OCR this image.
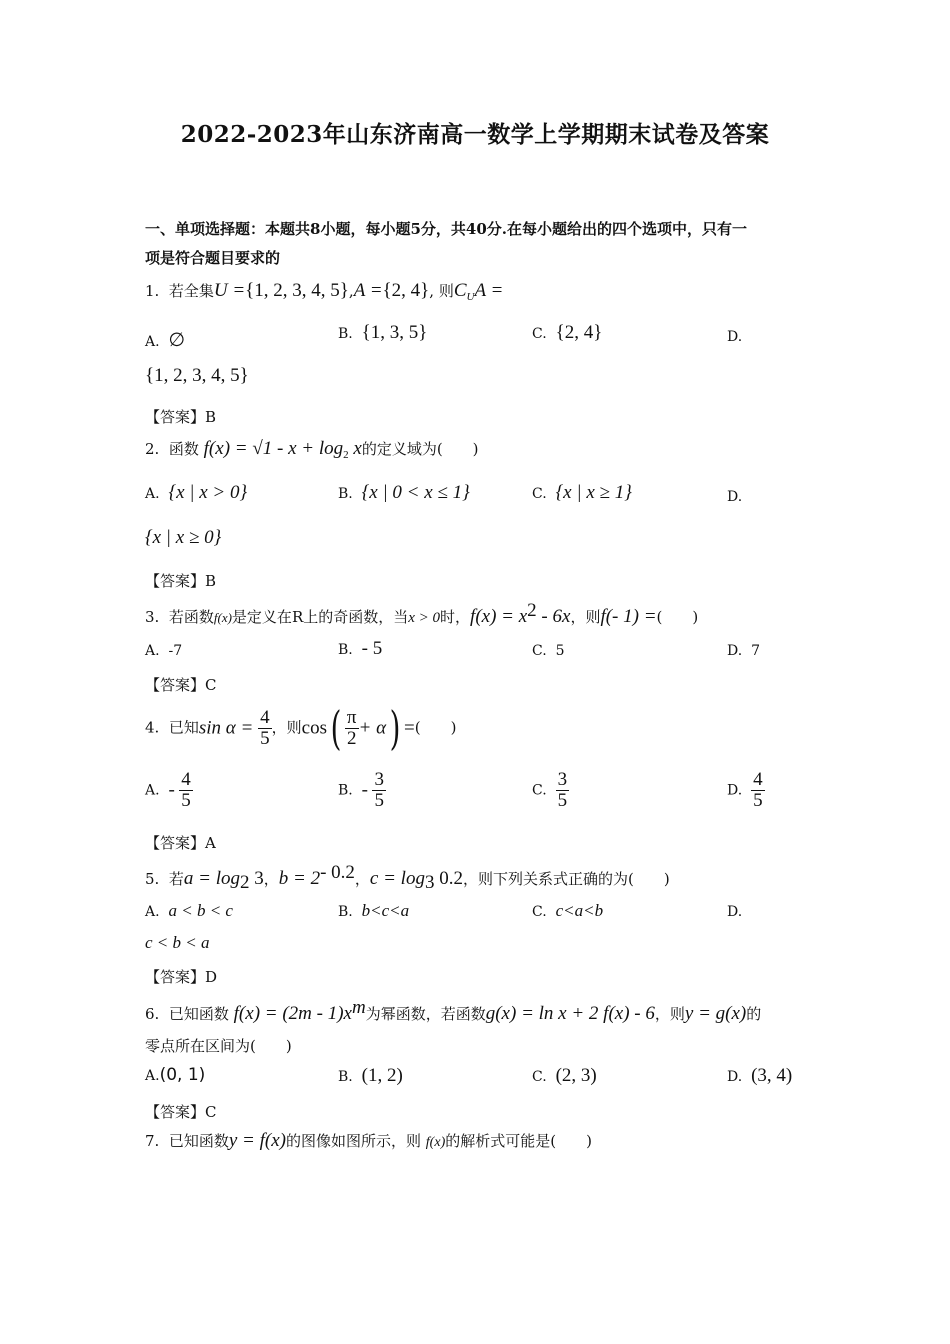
2022-2023年山东济南高一数学上学期期末试卷及答案
一、单项选择题：本题共8小题，每小题5分，共40分.在每小题给出的四个选项中，只有一
项是符合题目要求的
1. 若全集U ={1, 2, 3, 4, 5},A ={2, 4}, 则$C_UA$ =
A. ∅	B. {1, 3, 5}	C. {2, 4}	D.
{1, 2, 3, 4, 5}
【答案】B
2. 函数 $f(x) = √1 - x + \log_2 x$的定义域为(　　)
A. {x | x > 0}	B. {x | 0 < x ≤ 1}	C. {x | x ≥ 1}	D.
{x | x ≥ 0}
【答案】B
3. 若函数f(x)是定义在R上的奇函数，当x > 0时，$f(x) = x^2 - 6x$，则f(- 1) =(　　)
A. -7	B. - 5	C. 5	D. 7
【答案】C
4. 已知$\sin \alpha = \frac{4}{5}$ ，则$\cos( \frac{\pi}{2} + \alpha)$ =(　　)
A. - $\frac{4}{5}$	B. - $\frac{3}{5}$	C. $\frac{3}{5}$	D. $\frac{4}{5}$
【答案】A
5. 若$a = \log_2 3$，$b = 2^{- 0.2}$，$c = \log_3 0.2$，则下列关系式正确的为(　　)
A. a < b < c	B. b<c<a	C. c<a<b	D.
c < b < a
【答案】D
6. 已知函数 $f(x) = (2m - 1)x^m$为幂函数，若函数g(x) = ln x + 2 f(x) - 6，则y = g(x)的
零点所在区间为(　　)
A.(0, 1)	B. (1, 2)	C. (2, 3)	D. (3, 4)
【答案】C
7. 已知函数y = f(x)的图像如图所示，则 f(x)的解析式可能是(　　)
